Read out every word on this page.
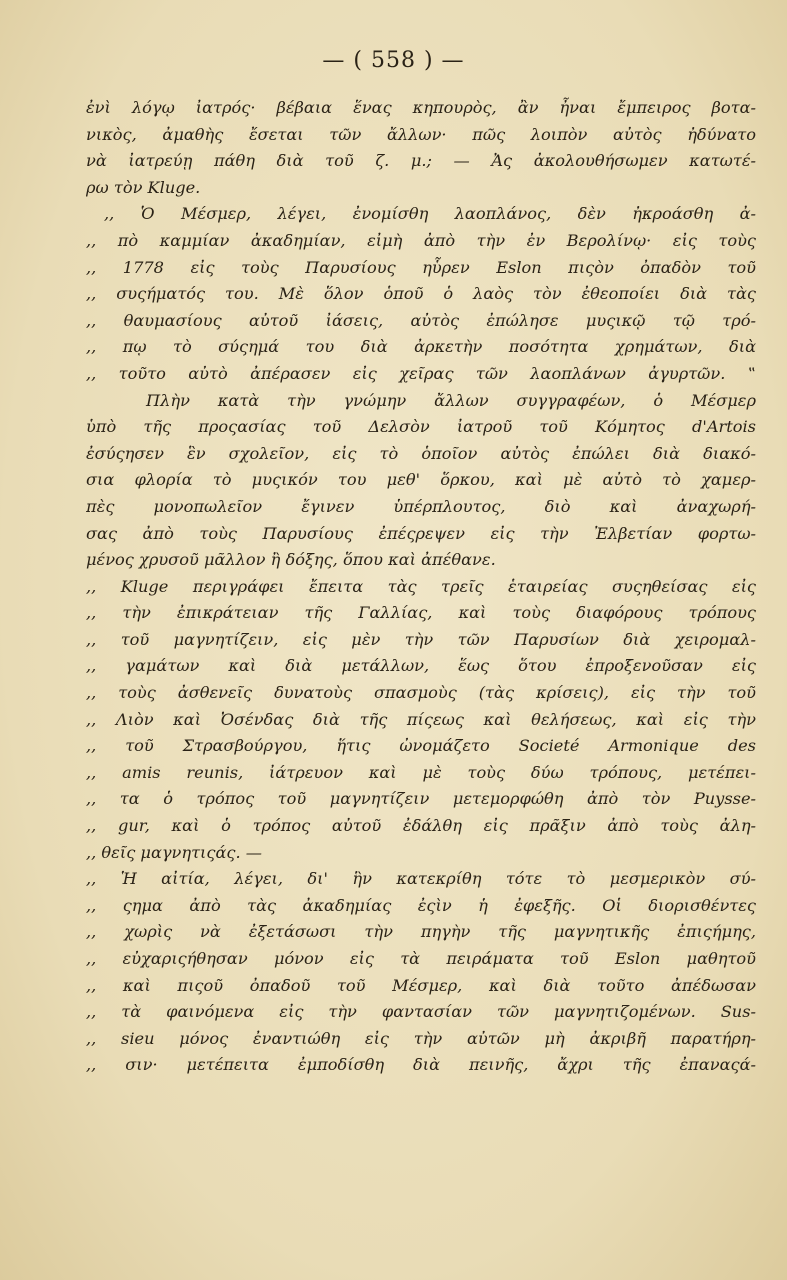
— ( 558 ) —
ἐνὶ λόγῳ ἰατρός· βέβαια ἕνας κηπουρὸς, ἂν ἦναι ἔμπειρος βοτα-
νικὸς, ἀμαθὴς ἔσεται τῶν ἄλλων· πῶς λοιπὸν αὐτὸς ἠδύνατο
νὰ ἰατρεύῃ πάθη διὰ τοῦ ζ. μ.; — Ἀς ἀκολουθήσωμεν κατωτέ-
ρω τὸν Kluge.
,, Ὁ Μέσμερ, λέγει, ἐνομίσθη λαοπλάνος, δὲν ἠκροάσθη ἀ-
,, πὸ καμμίαν ἀκαδημίαν, εἰμὴ ἀπὸ τὴν ἐν Βερολίνῳ· εἰς τοὺς
,, 1778 εἰς τοὺς Παρυσίους ηὗρεν Eslon πιςὸν ὀπαδὸν τοῦ
,, συςήματός του. Μὲ ὅλον ὁποῦ ὁ λαὸς τὸν ἐθεοποίει διὰ τὰς
,, θαυμασίους αὐτοῦ ἰάσεις, αὐτὸς ἐπώλησε μυςικῷ τῷ τρό-
,, πῳ τὸ σύςημά του διὰ ἀρκετὴν ποσότητα χρημάτων, διὰ
,, τοῦτο αὐτὸ ἀπέρασεν εἰς χεῖρας τῶν λαοπλάνων ἀγυρτῶν. ‟
Πλὴν κατὰ τὴν γνώμην ἄλλων συγγραφέων, ὁ Μέσμερ
ὑπὸ τῆς προςασίας τοῦ Δελσὸν ἰατροῦ τοῦ Κόμητος d'Artois
ἐσύςησεν ἓν σχολεῖον, εἰς τὸ ὁποῖον αὐτὸς ἐπώλει διὰ διακό-
σια φλορία τὸ μυςικόν του μεθ' ὅρκου, καὶ μὲ αὐτὸ τὸ χαμερ-
πὲς μονοπωλεῖον ἔγινεν ὑπέρπλουτος, διὸ καὶ ἀναχωρή-
σας ἀπὸ τοὺς Παρυσίους ἐπέςρεψεν εἰς τὴν Ἐλβετίαν φορτω-
μένος χρυσοῦ μᾶλλον ἢ δόξης, ὅπου καὶ ἀπέθανε.
,, Kluge περιγράφει ἔπειτα τὰς τρεῖς ἑταιρείας συςηθείσας εἰς
,, τὴν ἐπικράτειαν τῆς Γαλλίας, καὶ τοὺς διαφόρους τρόπους
,, τοῦ μαγνητίζειν, εἰς μὲν τὴν τῶν Παρυσίων διὰ χειρομαλ-
,, γαμάτων καὶ διὰ μετάλλων, ἕως ὅτου ἐπροξενοῦσαν εἰς
,, τοὺς ἀσθενεῖς δυνατοὺς σπασμοὺς (τὰς κρίσεις), εἰς τὴν τοῦ
,, Λιὸν καὶ Ὀσένδας διὰ τῆς πίςεως καὶ θελήσεως, καὶ εἰς τὴν
,, τοῦ Στρασβούργου, ἥτις ὠνομάζετο Societé Armonique des
,, amis reunis, ἰάτρευον καὶ μὲ τοὺς δύω τρόπους, μετέπει-
,, τα ὁ τρόπος τοῦ μαγνητίζειν μετεμορφώθη ἀπὸ τὸν Puysse-
,, gur, καὶ ὁ τρόπος αὐτοῦ ἐδάλθη εἰς πρᾶξιν ἀπὸ τοὺς ἀλη-
,, θεῖς μαγνητιςάς. —
,, Ἡ αἰτία, λέγει, δι' ἣν κατεκρίθη τότε τὸ μεσμερικὸν σύ-
,, ςημα ἀπὸ τὰς ἀκαδημίας ἐςὶν ἡ ἐφεξῆς. Οἱ διορισθέντες
,, χωρὶς νὰ ἐξετάσωσι τὴν πηγὴν τῆς μαγνητικῆς ἐπιςήμης,
,, εὐχαριςήθησαν μόνον εἰς τὰ πειράματα τοῦ Eslon μαθητοῦ
,, καὶ πιςοῦ ὀπαδοῦ τοῦ Μέσμερ, καὶ διὰ τοῦτο ἀπέδωσαν
,, τὰ φαινόμενα εἰς τὴν φαντασίαν τῶν μαγνητιζομένων. Sus-
,, sieu μόνος ἐναντιώθη εἰς τὴν αὐτῶν μὴ ἀκριβῆ παρατήρη-
,, σιν· μετέπειτα ἐμποδίσθη διὰ πεινῆς, ἄχρι τῆς ἐπαναςά-
